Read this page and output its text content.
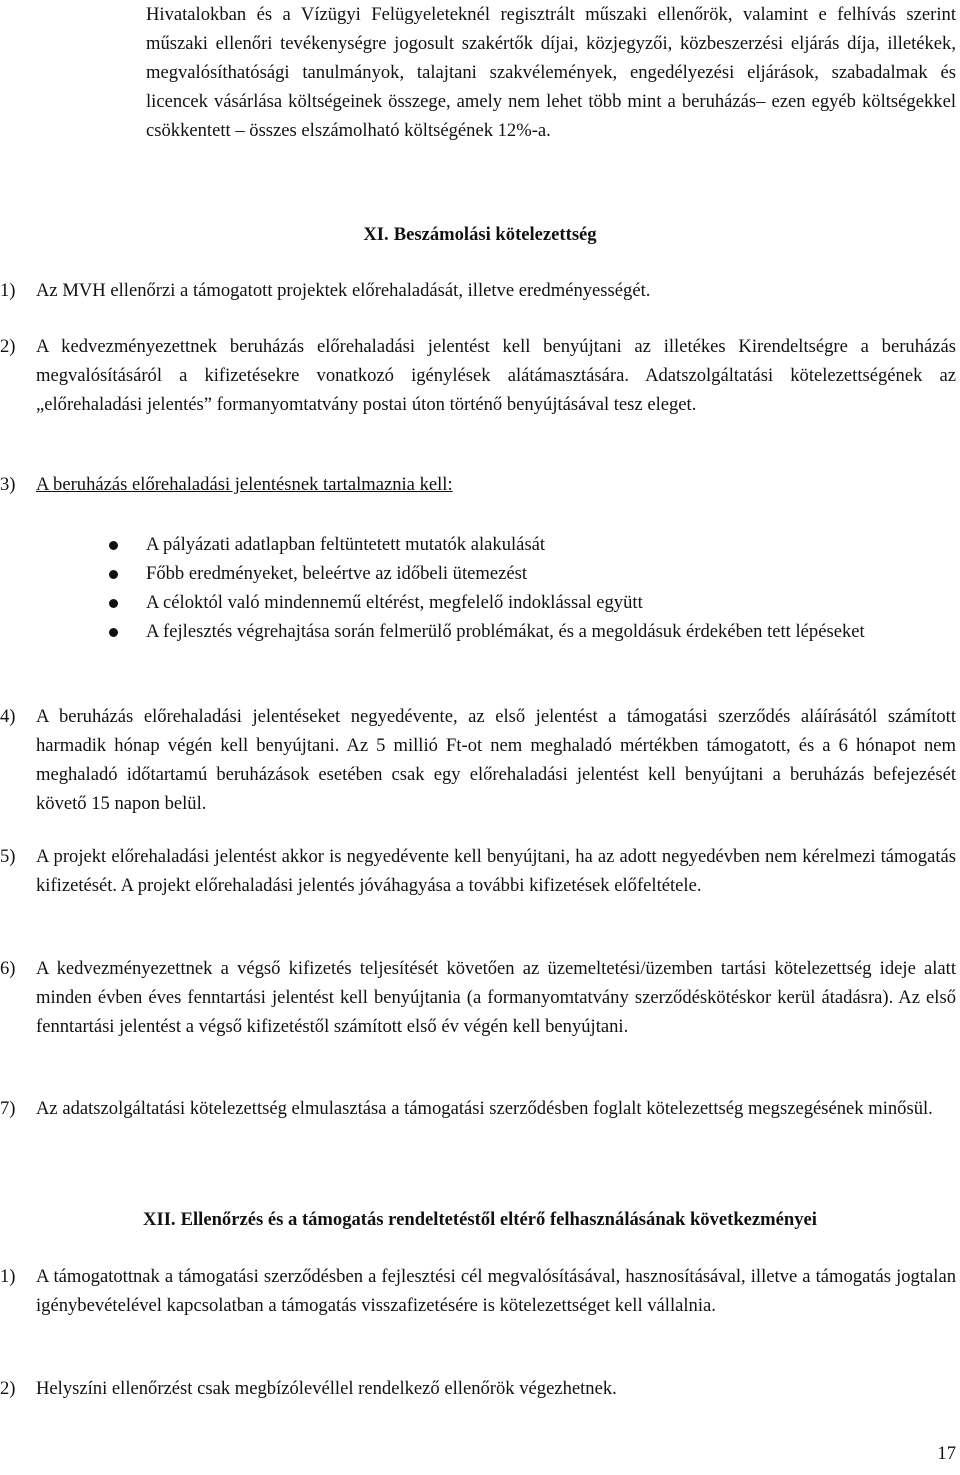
Hivatalokban és a Vízügyi Felügyeleteknél regisztrált műszaki ellenőrök, valamint e felhívás szerint műszaki ellenőri tevékenységre jogosult szakértők díjai, közjegyzői, közbeszerzési eljárás díja, illetékek, megvalósíthatósági tanulmányok, talajtani szakvélemények, engedélyezési eljárások, szabadalmak és licencek vásárlása költségeinek összege, amely nem lehet több mint a beruházás– ezen egyéb költségekkel csökkentett – összes elszámolható költségének 12%-a.
XI. Beszámolási kötelezettség
1)	Az MVH ellenőrzi a támogatott projektek előrehaladását, illetve eredményességét.
2)	A kedvezményezettnek beruházás előrehaladási jelentést kell benyújtani az illetékes Kirendeltségre a beruházás megvalósításáról a kifizetésekre vonatkozó igénylések alátámasztására. Adatszolgáltatási kötelezettségének az „előrehaladási jelentés” formanyomtatvány postai úton történő benyújtásával tesz eleget.
3)	A beruházás előrehaladási jelentésnek tartalmaznia kell:
A pályázati adatlapban feltüntetett mutatók alakulását
Főbb eredményeket, beleértve az időbeli ütemezést
A céloktól való mindennemű eltérést, megfelelő indoklással együtt
A fejlesztés végrehajtása során felmerülő problémákat, és a megoldásuk érdekében tett lépéseket
4)	A beruházás előrehaladási jelentéseket negyedévente, az első jelentést a támogatási szerződés aláírásától számított harmadik hónap végén kell benyújtani. Az 5 millió Ft-ot nem meghaladó mértékben támogatott, és a 6 hónapot nem meghaladó időtartamú beruházások esetében csak egy előrehaladási jelentést kell benyújtani a beruházás befejezését követő 15 napon belül.
5)	A projekt előrehaladási jelentést akkor is negyedévente kell benyújtani, ha az adott negyedévben nem kérelmezi támogatás kifizetését. A projekt előrehaladási jelentés jóváhagyása a további kifizetések előfeltétele.
6)	A kedvezményezettnek a végső kifizetés teljesítését követően az üzemeltetési/üzemben tartási kötelezettség ideje alatt minden évben éves fenntartási jelentést kell benyújtania (a formanyomtatvány szerződéskötéskor kerül átadásra). Az első fenntartási jelentést a végső kifizetéstől számított első év végén kell benyújtani.
7)	Az adatszolgáltatási kötelezettség elmulasztása a támogatási szerződésben foglalt kötelezettség megszegésének minősül.
XII. Ellenőrzés és a támogatás rendeltetéstől eltérő felhasználásának következményei
1)	A támogatottnak a támogatási szerződésben a fejlesztési cél megvalósításával, hasznosításával, illetve a támogatás jogtalan igénybevételével kapcsolatban a támogatás visszafizetésére is kötelezettséget kell vállalnia.
2)	Helyszíni ellenőrzést csak megbízólevéllel rendelkező ellenőrök végezhetnek.
17
